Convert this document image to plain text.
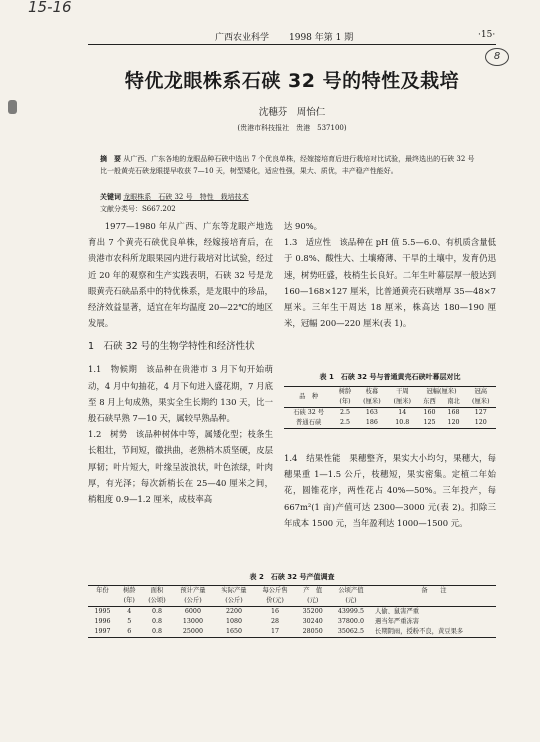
15-16
8
广西农业科学 1998 年第 1 期	·15·
特优龙眼株系石硖 32 号的特性及栽培
沈穗芬　周怡仁
(贵港市科技报社　贵港　537100)
摘　要 从广西、广东各地的龙眼品种石硖中选出 7 个优良单株，经嫁接培育后进行栽培对比试验，最终选出的石硖 32 号比一般黄壳石硖龙眼提早收获 7—10 天，树型矮化，适应性强，果大、质优，丰产稳产性能好。
关键词 龙眼株系　石硖 32 号　特性　栽培技术
文献分类号：S667.202

1977—1980 年从广西、广东等龙眼产地选育出 7 个黄壳石硖优良单株，经嫁接培育后，在贵港市农科所龙眼果园内进行栽培对比试验，经过近 20 年的观察和生产实践表明，石硖 32 号是龙眼黄壳石硖品系中的特优株系，是龙眼中的珍品，经济效益显著，适宜在年均温度 20—22℃的地区发展。

1　石硖 32 号的生物学特性和经济性状

1.1　物候期　该品种在贵港市 3 月下旬开始萌动，4 月中旬抽花，4 月下旬进入盛花期，7 月底至 8 月上旬成熟，果实全生长期约 130 天，比一般石硖早熟 7—10 天，属较早熟品种。

1.2　树势　该品种树体中等，属矮化型；枝条生长粗壮，节间短，徽拱曲，老熟梢木质坚硬，皮层厚韧；叶片短大，叶缘呈波浪状，叶色浓绿，叶肉厚，有光泽；每次新梢长在 25—40 厘米之间，梢粗度 0.9—1.2 厘米，成枝率高

达 90%。

1.3　适应性　该品种在 pH 值 5.5—6.0、有机质含量低于 0.8%、酸性大、土壤瘠薄、干旱的土壤中，发育仍迅速，树势旺盛，枝梢生长良好。二年生叶幕层厚一般达到 160—168×127 厘米，比普通黄壳石硖增厚 35—48×7 厘米。三年生干周达 18 厘米，株高达 180—190 厘米，冠幅 200—220 厘米(表 1)。

表 1　石硖 32 号与普通黄壳石硖叶幕层对比
品　种	树龄	枝幕	干周	冠幅(厘米)		冠高
	(年)	(厘米)	(厘米)	东西	南北	(厘米)
石硖 32 号	2.5	163	14	160	168	127
普通石硖	2.5	186	10.8	125	120	120

1.4　结果性能　果穗整齐，果实大小均匀，果穗大，每穗果重 1—1.5 公斤，枝穗短，果实密集。定植二年始花，圆锥花序，两性花占 40%—50%。三年投产，每 667m²(1 亩)产值可达 2300—3000 元(表 2)。扣除三年成本 1500 元，当年盈利达 1000—1500 元。

表 2　石硖 32 号产值调查
年份	树龄	面积	预计产量	实际产量	每公斤售	产　值	公顷产值	备　　注
	(年)	(公顷)	(公斤)	(公斤)	价(元)	(元)	(元)	
1995	4	0.8	6000	2200	16	35200	43999.5	人偷、鼠害严重
1996	5	0.8	13000	1080	28	30240	37800.0	遇当年严重冻害
1997	6	0.8	25000	1650	17	28050	35062.5	长期阴雨，授粉不良，黄豆果多
